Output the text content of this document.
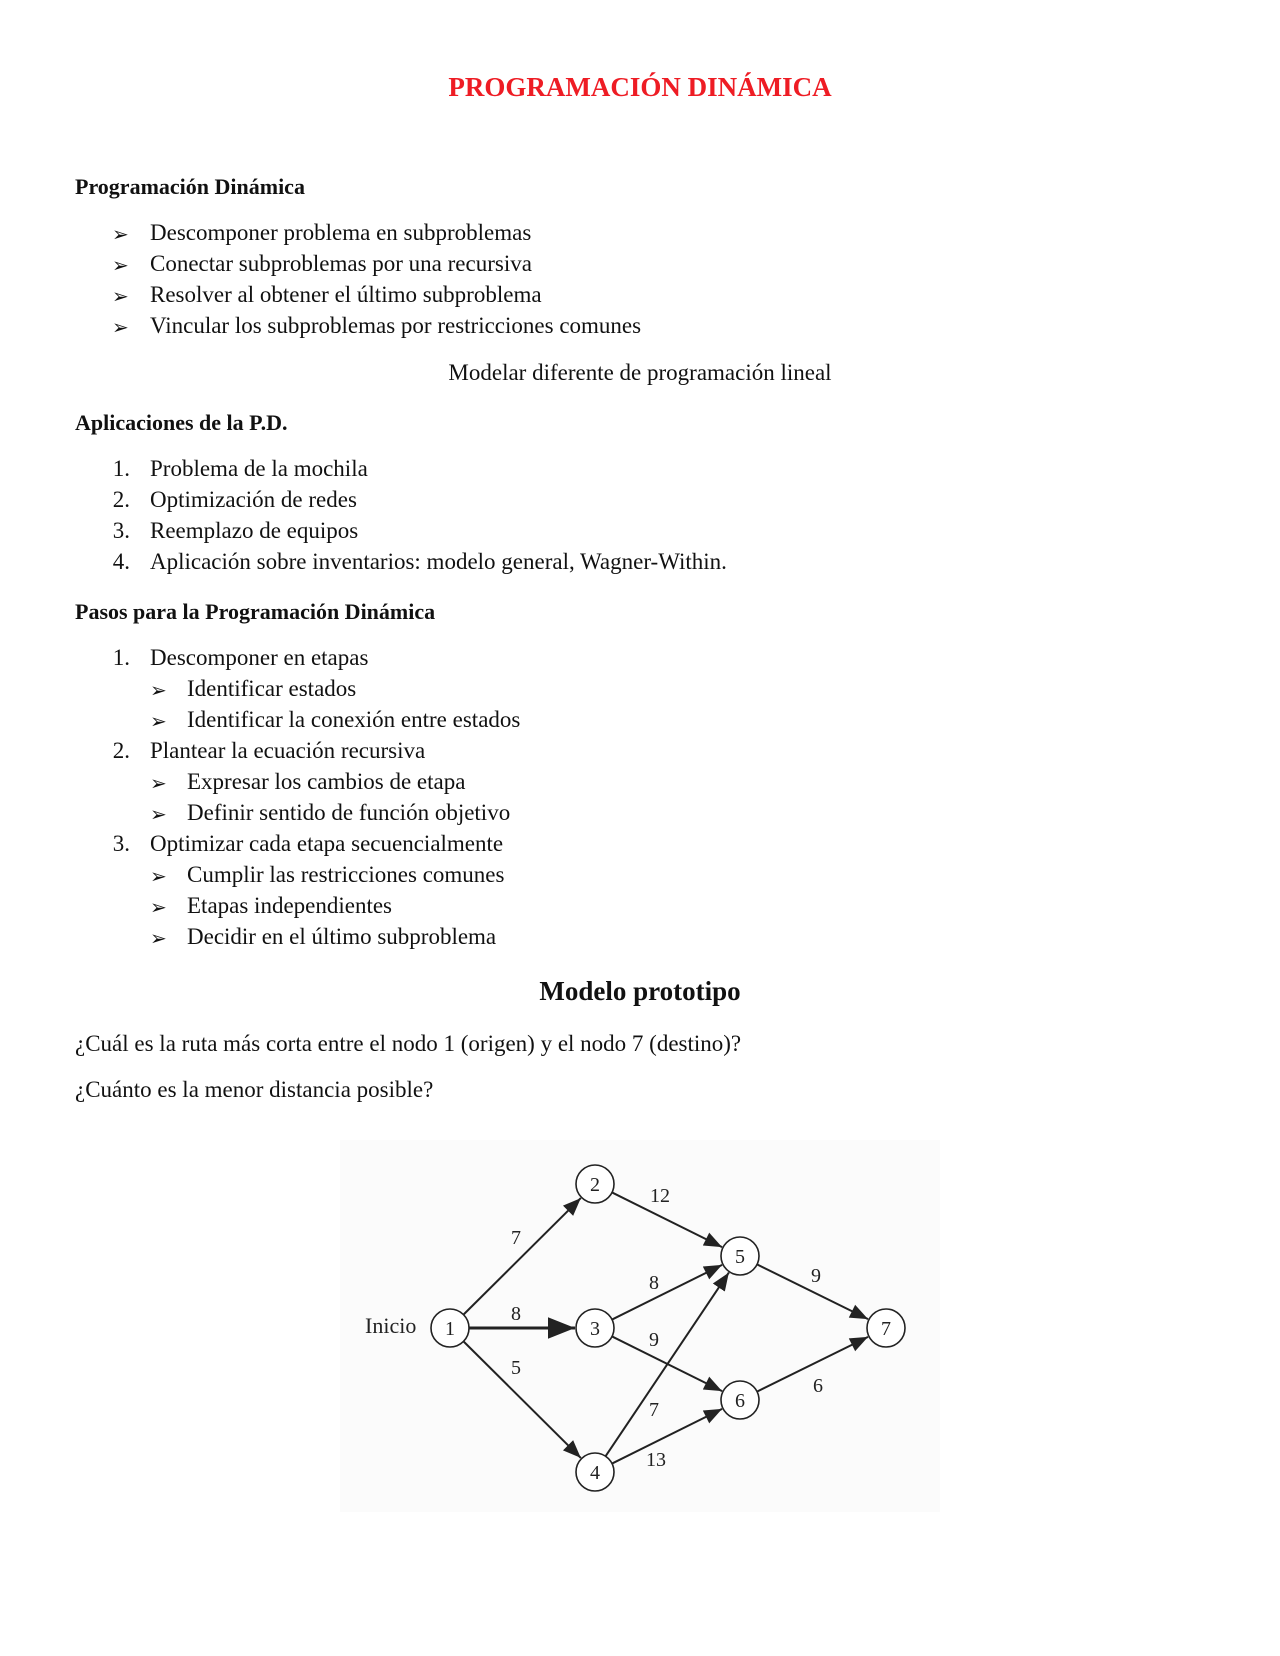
PROGRAMACIÓN DINÁMICA
Programación Dinámica
➢ Descomponer problema en subproblemas
➢ Conectar subproblemas por una recursiva
➢ Resolver al obtener el último subproblema
➢ Vincular los subproblemas por restricciones comunes
Modelar diferente de programación lineal
Aplicaciones de la P.D.
1. Problema de la mochila
2. Optimización de redes
3. Reemplazo de equipos
4. Aplicación sobre inventarios: modelo general, Wagner-Within.
Pasos para la Programación Dinámica
1. Descomponer en etapas
➢ Identificar estados
➢ Identificar la conexión entre estados
2. Plantear la ecuación recursiva
➢ Expresar los cambios de etapa
➢ Definir sentido de función objetivo
3. Optimizar cada etapa secuencialmente
➢ Cumplir las restricciones comunes
➢ Etapas independientes
➢ Decidir en el último subproblema
Modelo prototipo
¿Cuál es la ruta más corta entre el nodo 1 (origen) y el nodo 7 (destino)?
¿Cuánto es la menor distancia posible?
7
8
5
12
8
9
7
13
9
6
1
2
3
4
5
6
7
Inicio
